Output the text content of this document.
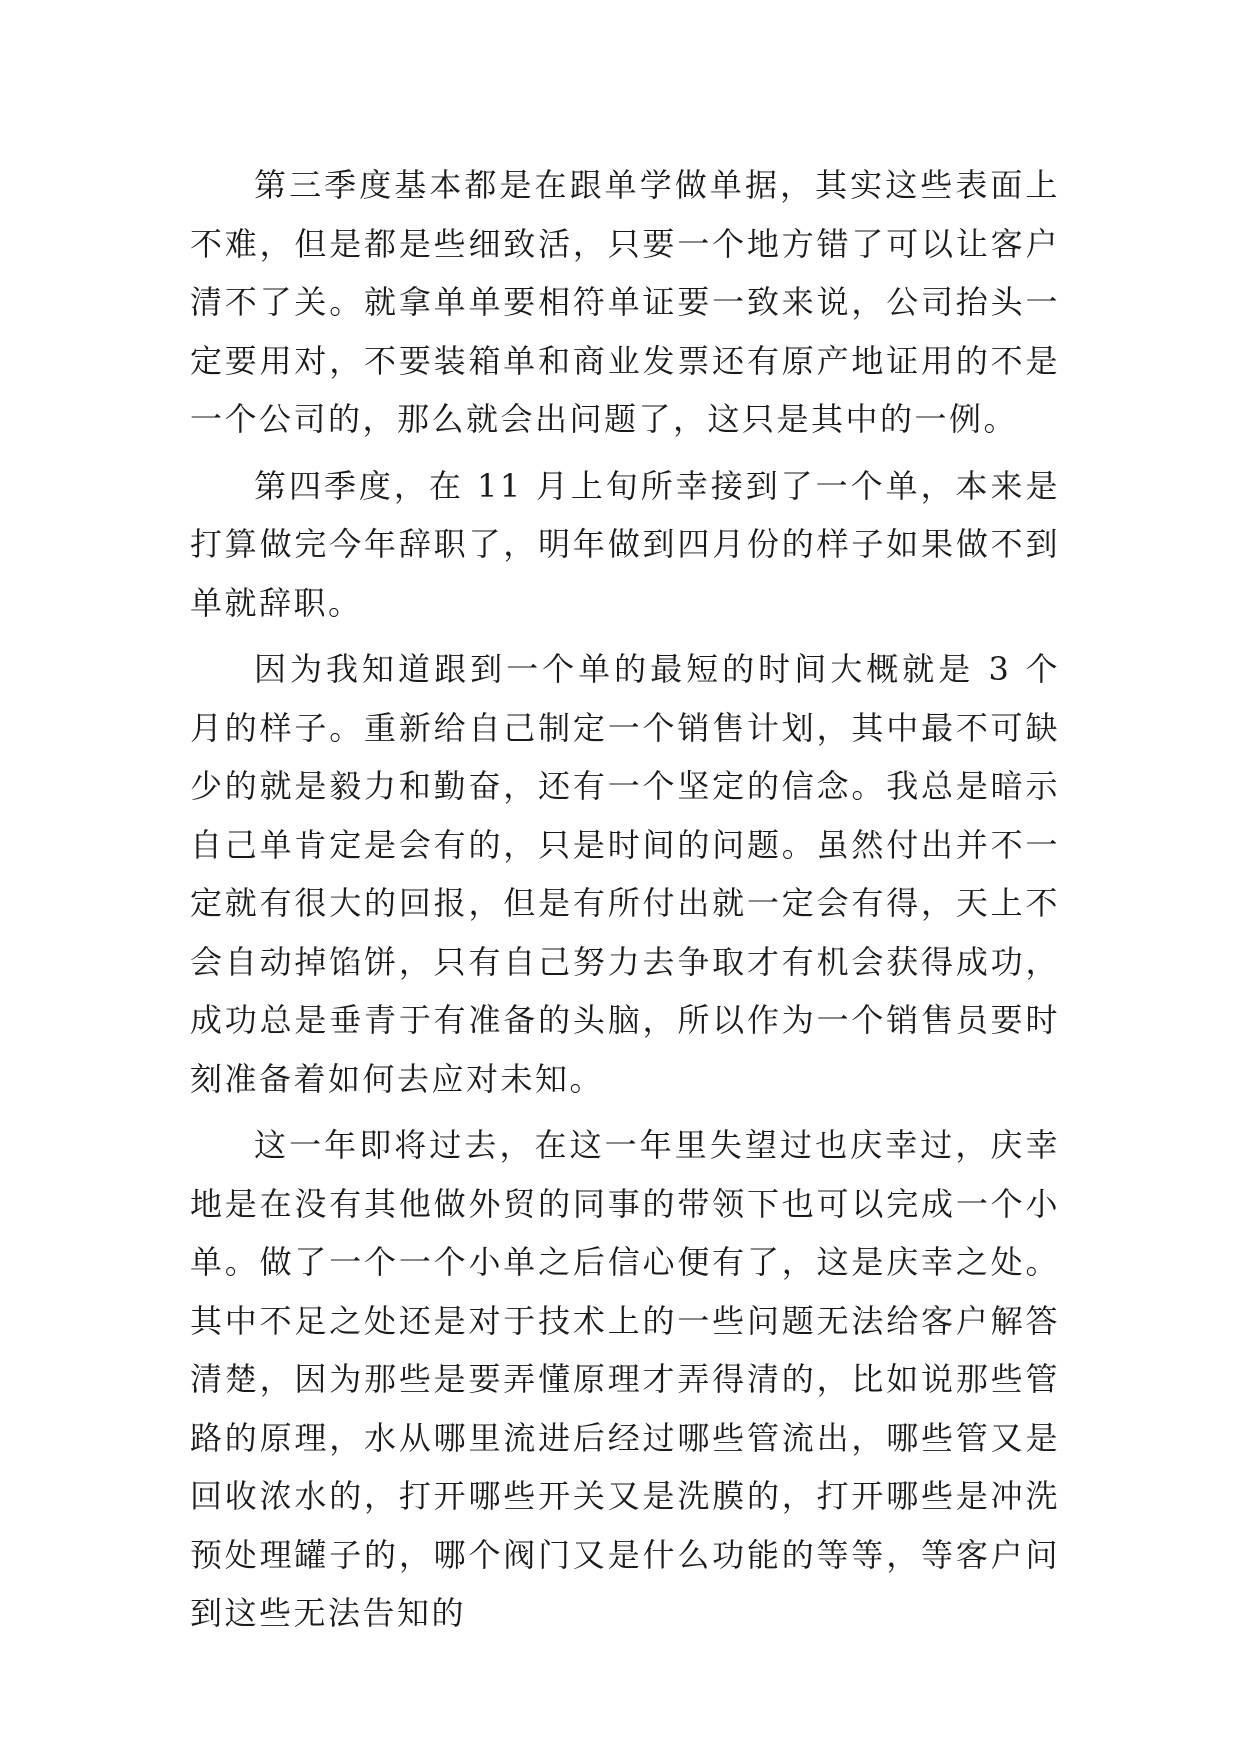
第三季度基本都是在跟单学做单据，其实这些表面上不难，但是都是些细致活，只要一个地方错了可以让客户清不了关。就拿单单要相符单证要一致来说，公司抬头一定要用对，不要装箱单和商业发票还有原产地证用的不是一个公司的，那么就会出问题了，这只是其中的一例。

第四季度，在 11 月上旬所幸接到了一个单，本来是打算做完今年辞职了，明年做到四月份的样子如果做不到单就辞职。

因为我知道跟到一个单的最短的时间大概就是 3 个月的样子。重新给自己制定一个销售计划，其中最不可缺少的就是毅力和勤奋，还有一个坚定的信念。我总是暗示自己单肯定是会有的，只是时间的问题。虽然付出并不一定就有很大的回报，但是有所付出就一定会有得，天上不会自动掉馅饼，只有自己努力去争取才有机会获得成功，成功总是垂青于有准备的头脑，所以作为一个销售员要时刻准备着如何去应对未知。

这一年即将过去，在这一年里失望过也庆幸过，庆幸地是在没有其他做外贸的同事的带领下也可以完成一个小单。做了一个一个小单之后信心便有了，这是庆幸之处。其中不足之处还是对于技术上的一些问题无法给客户解答清楚，因为那些是要弄懂原理才弄得清的，比如说那些管路的原理，水从哪里流进后经过哪些管流出，哪些管又是回收浓水的，打开哪些开关又是洗膜的，打开哪些是冲洗预处理罐子的，哪个阀门又是什么功能的等等，等客户问到这些无法告知的
